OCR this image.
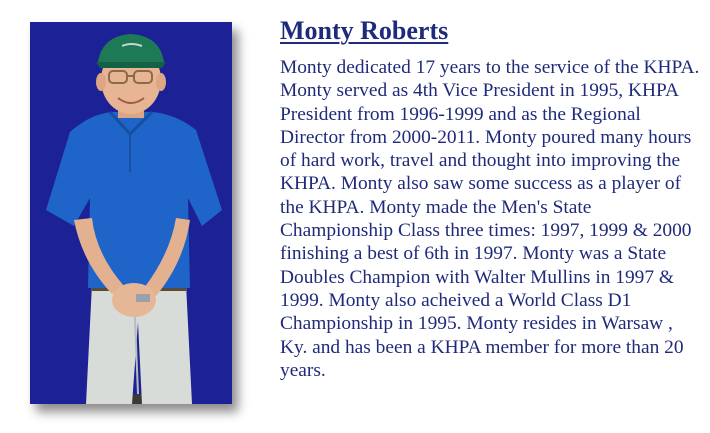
Monty Roberts

Monty dedicated 17 years to the service of the KHPA. Monty served as 4th Vice President in 1995, KHPA President from 1996-1999 and as the Regional Director from 2000-2011. Monty poured many hours of hard work, travel and thought into improving the KHPA. Monty also saw some success as a player of the KHPA. Monty made the Men's State Championship Class three times: 1997, 1999 & 2000 finishing a best of 6th in 1997. Monty was a State Doubles Champion with Walter Mullins in 1997 & 1999. Monty also acheived a World Class D1 Championship in 1995. Monty resides in Warsaw , Ky. and has been a KHPA member for more than 20 years.
